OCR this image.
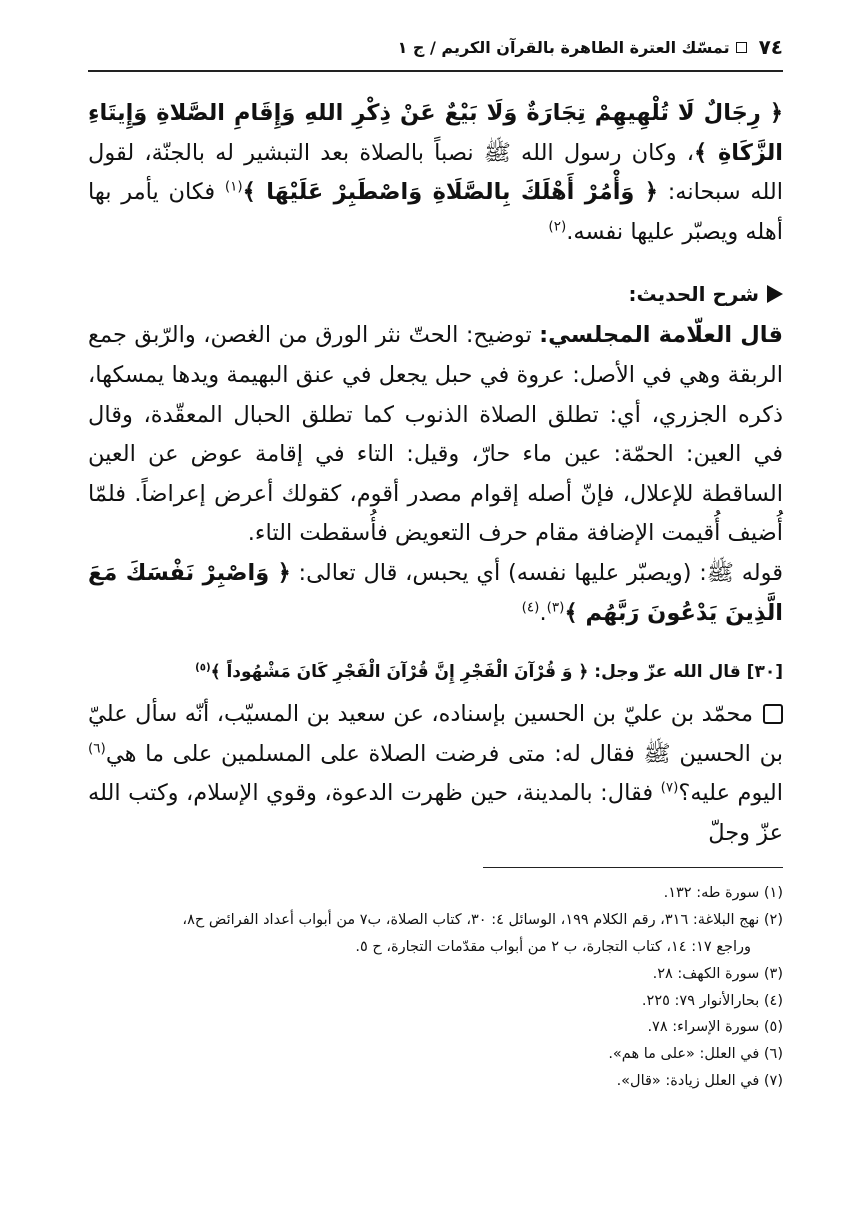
٧٤
تمسّك العترة الطاهرة بالقرآن الكريم / ج ١

﴿ رِجَالٌ لَا تُلْهِيهِمْ تِجَارَةٌ وَلَا بَيْعٌ عَنْ ذِكْرِ اللهِ وَإِقَامِ الصَّلاةِ وَإِيتَاءِ الزَّكَاةِ ﴾، وكان رسول الله ﷺ نصباً بالصلاة بعد التبشير له بالجنّة، لقول الله سبحانه: ﴿ وَأْمُرْ أَهْلَكَ بِالصَّلَاةِ وَاصْطَبِرْ عَلَيْهَا ﴾$^{(١)}$ فكان يأمر بها أهله ويصبّر عليها نفسه.$^{(٢)}$

شرح الحديث:

قال العلّامة المجلسي: توضيح: الحتّ نثر الورق من الغصن، والرّبق جمع الربقة وهي في الأصل: عروة في حبل يجعل في عنق البهيمة ويدها يمسكها، ذكره الجزري، أي: تطلق الصلاة الذنوب كما تطلق الحبال المعقّدة، وقال في العين: الحمّة: عين ماء حارّ، وقيل: التاء في إقامة عوض عن العين الساقطة للإعلال، فإنّ أصله إقوام مصدر أقوم، كقولك أعرض إعراضاً. فلمّا أُضيف أُقيمت الإضافة مقام حرف التعويض فأُسقطت التاء.

قوله ﷺ: (ويصبّر عليها نفسه) أي يحبس، قال تعالى: ﴿ وَاصْبِرْ نَفْسَكَ مَعَ الَّذِينَ يَدْعُونَ رَبَّهُم ﴾$^{(٣)}$.$^{(٤)}$

[٣٠] قال الله عزّ وجل: ﴿ وَ قُرْآنَ الْفَجْرِ إِنَّ قُرْآنَ الْفَجْرِ كَانَ مَشْهُوداً ﴾$^{(٥)}$

محمّد بن عليّ بن الحسين بإسناده، عن سعيد بن المسيّب، أنّه سأل عليّ بن الحسين ﷺ فقال له: متى فرضت الصلاة على المسلمين على ما هي$^{(٦)}$ اليوم عليه؟$^{(٧)}$ فقال: بالمدينة، حين ظهرت الدعوة، وقوي الإسلام، وكتب الله عزّ وجلّ

(١) سورة طه: ١٣٢.

(٢) نهج البلاغة: ٣١٦، رقم الكلام ١٩٩، الوسائل ٤: ٣٠، كتاب الصلاة، ب٧ من أبواب أعداد الفرائض ح٨،

وراجع ١٧: ١٤، كتاب التجارة، ب ٢ من أبواب مقدّمات التجارة، ح ٥.

(٣) سورة الكهف: ٢٨.

(٤) بحارالأنوار ٧٩: ٢٢٥.

(٥) سورة الإسراء: ٧٨.

(٦) في العلل: «على ما هم».

(٧) في العلل زيادة: «قال».
